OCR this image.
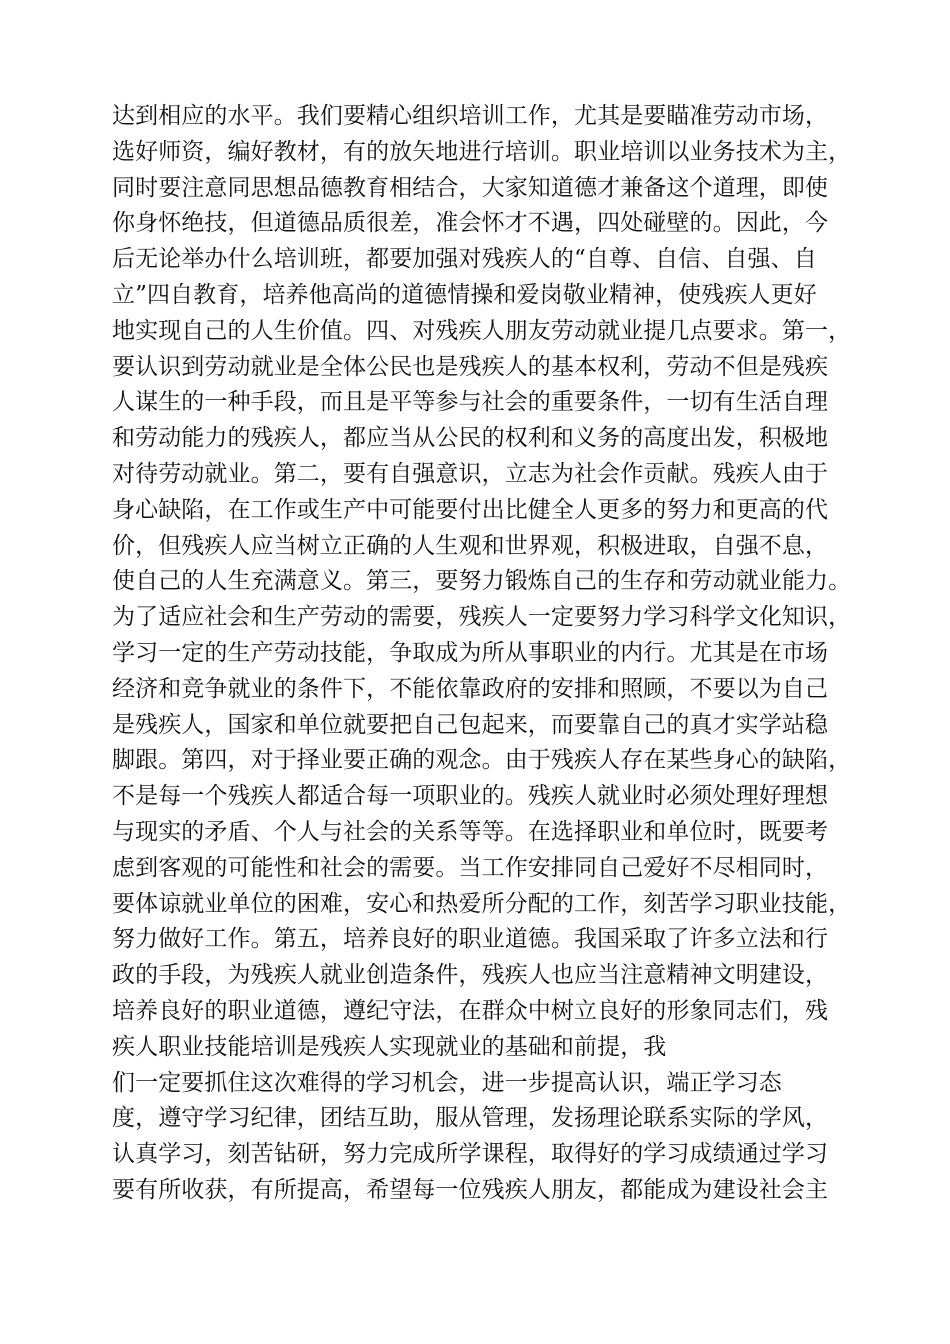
达到相应的水平。我们要精心组织培训工作，尤其是要瞄准劳动市场，
选好师资，编好教材，有的放矢地进行培训。职业培训以业务技术为主，
同时要注意同思想品德教育相结合，大家知道德才兼备这个道理，即使
你身怀绝技，但道德品质很差，准会怀才不遇，四处碰壁的。因此，今
后无论举办什么培训班，都要加强对残疾人的“自尊、自信、自强、自
立”四自教育，培养他高尚的道德情操和爱岗敬业精神，使残疾人更好
地实现自己的人生价值。四、对残疾人朋友劳动就业提几点要求。第一，
要认识到劳动就业是全体公民也是残疾人的基本权利，劳动不但是残疾
人谋生的一种手段，而且是平等参与社会的重要条件，一切有生活自理
和劳动能力的残疾人，都应当从公民的权利和义务的高度出发，积极地
对待劳动就业。第二，要有自强意识，立志为社会作贡献。残疾人由于
身心缺陷，在工作或生产中可能要付出比健全人更多的努力和更高的代
价，但残疾人应当树立正确的人生观和世界观，积极进取，自强不息，
使自己的人生充满意义。第三，要努力锻炼自己的生存和劳动就业能力。
为了适应社会和生产劳动的需要，残疾人一定要努力学习科学文化知识，
学习一定的生产劳动技能，争取成为所从事职业的内行。尤其是在市场
经济和竞争就业的条件下，不能依靠政府的安排和照顾，不要以为自己
是残疾人，国家和单位就要把自己包起来，而要靠自己的真才实学站稳
脚跟。第四，对于择业要正确的观念。由于残疾人存在某些身心的缺陷，
不是每一个残疾人都适合每一项职业的。残疾人就业时必须处理好理想
与现实的矛盾、个人与社会的关系等等。在选择职业和单位时，既要考
虑到客观的可能性和社会的需要。当工作安排同自己爱好不尽相同时，
要体谅就业单位的困难，安心和热爱所分配的工作，刻苦学习职业技能，
努力做好工作。第五，培养良好的职业道德。我国采取了许多立法和行
政的手段，为残疾人就业创造条件，残疾人也应当注意精神文明建设，
培养良好的职业道德，遵纪守法，在群众中树立良好的形象同志们，残
疾人职业技能培训是残疾人实现就业的基础和前提，我
们一定要抓住这次难得的学习机会，进一步提高认识，端正学习态
度，遵守学习纪律，团结互助，服从管理，发扬理论联系实际的学风，
认真学习，刻苦钻研，努力完成所学课程，取得好的学习成绩通过学习
要有所收获，有所提高，希望每一位残疾人朋友，都能成为建设社会主
